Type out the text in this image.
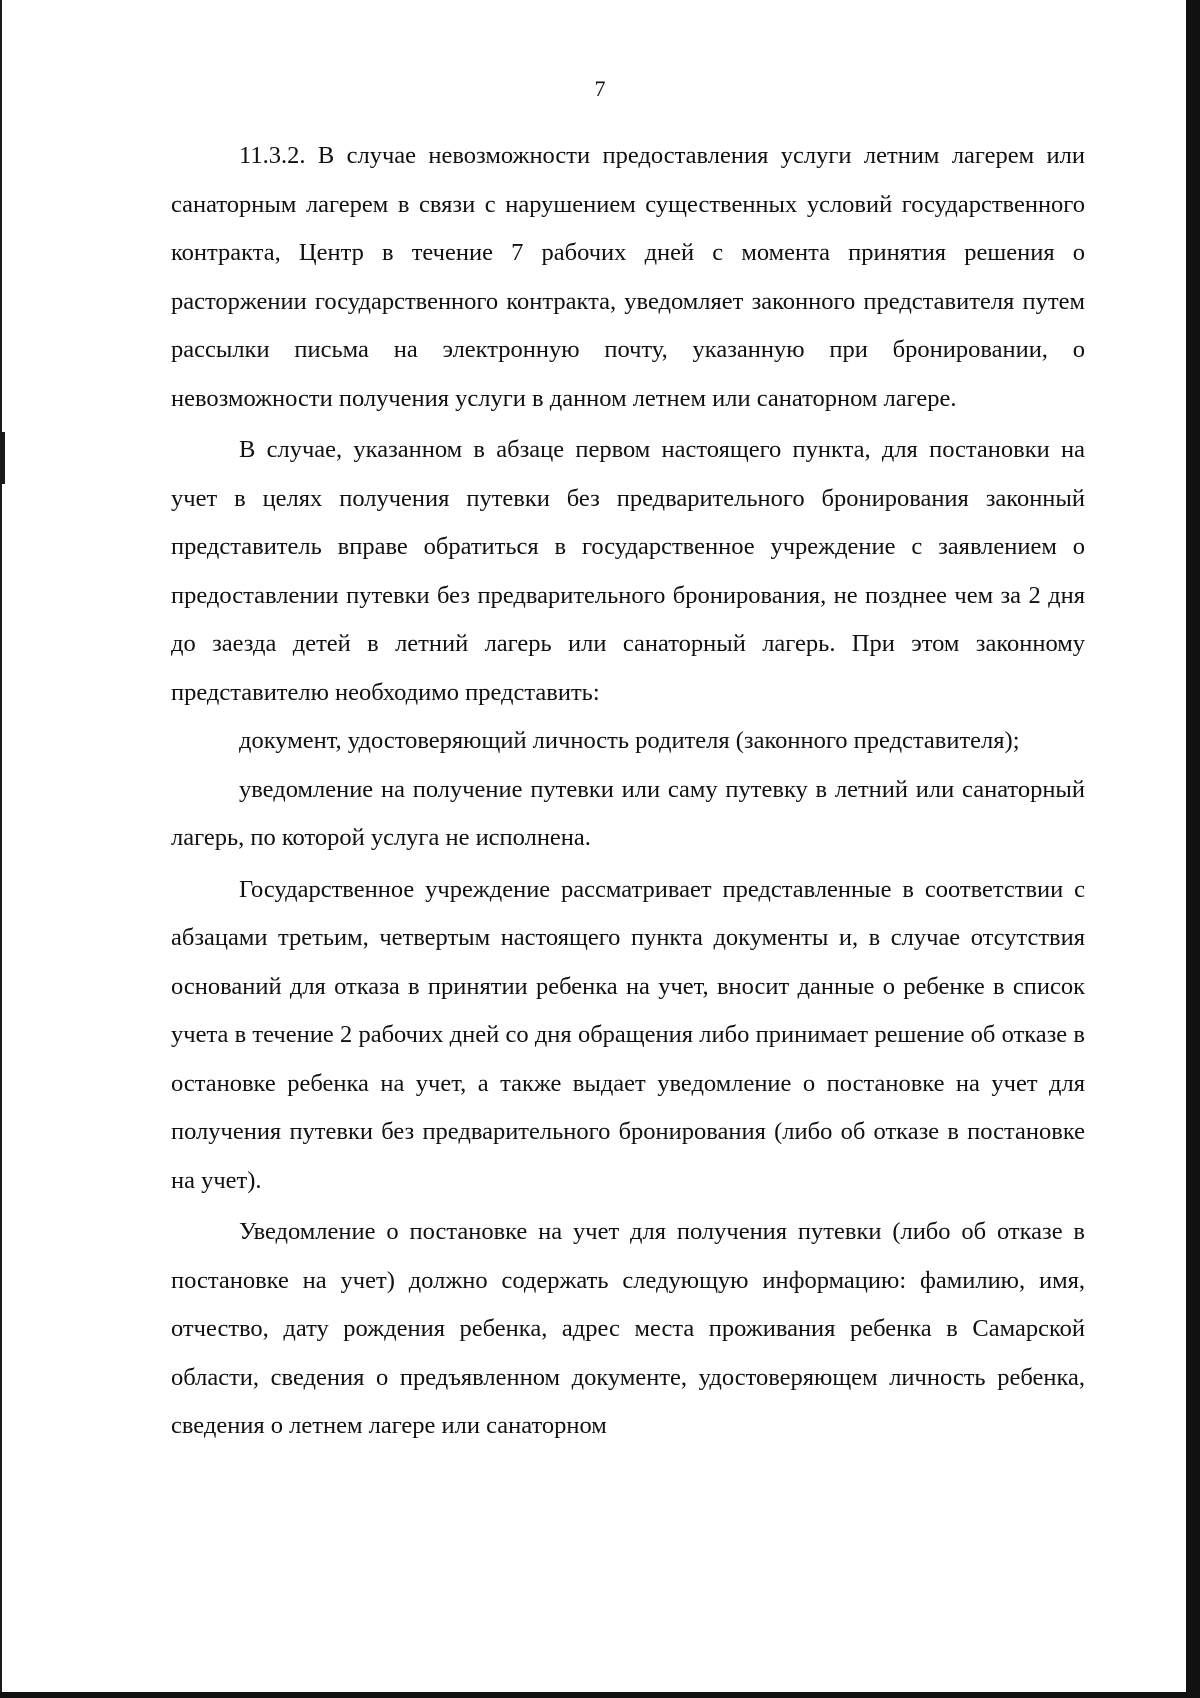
7

11.3.2. В случае невозможности предоставления услуги летним лагерем или санаторным лагерем в связи с нарушением существенных условий государственного контракта, Центр в течение 7 рабочих дней с момента принятия решения о расторжении государственного контракта, уведомляет законного представителя путем рассылки письма на электронную почту, указанную при бронировании, о невозможности получения услуги в данном летнем или санаторном лагере.

В случае, указанном в абзаце первом настоящего пункта, для постановки на учет в целях получения путевки без предварительного бронирования законный представитель вправе обратиться в государственное учреждение с заявлением о предоставлении путевки без предварительного бронирования, не позднее чем за 2 дня до заезда детей в летний лагерь или санаторный лагерь. При этом законному представителю необходимо представить:

документ, удостоверяющий личность родителя (законного представителя);

уведомление на получение путевки или саму путевку в летний или санаторный лагерь, по которой услуга не исполнена.

Государственное учреждение рассматривает представленные в соответствии с абзацами третьим, четвертым настоящего пункта документы и, в случае отсутствия оснований для отказа в принятии ребенка на учет, вносит данные о ребенке в список учета в течение 2 рабочих дней со дня обращения либо принимает решение об отказе в остановке ребенка на учет, а также выдает уведомление о постановке на учет для получения путевки без предварительного бронирования (либо об отказе в постановке на учет).

Уведомление о постановке на учет для получения путевки (либо об отказе в постановке на учет) должно содержать следующую информацию: фамилию, имя, отчество, дату рождения ребенка, адрес места проживания ребенка в Самарской области, сведения о предъявленном документе, удостоверяющем личность ребенка, сведения о летнем лагере или санаторном
